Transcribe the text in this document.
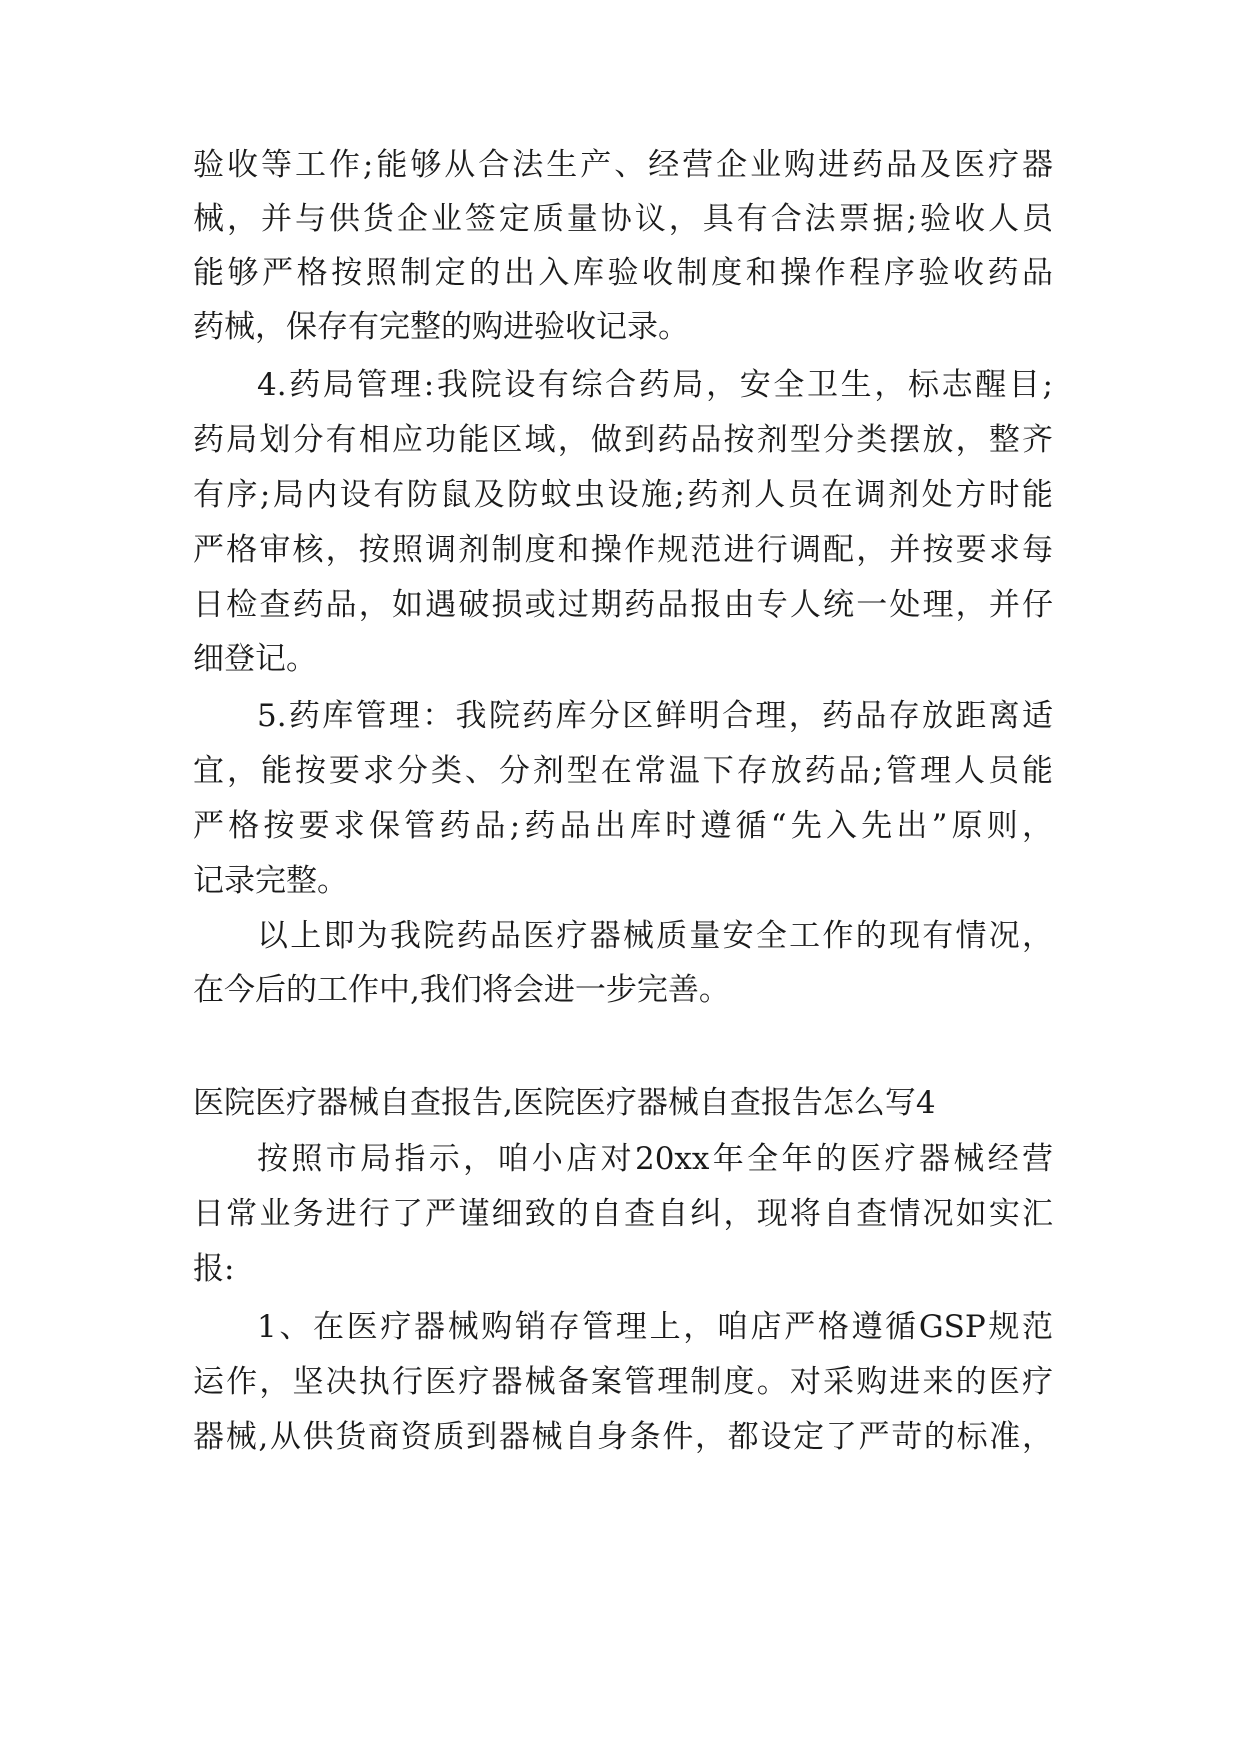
验收等工作;能够从合法生产、经营企业购进药品及医疗器
械，并与供货企业签定质量协议，具有合法票据;验收人员
能够严格按照制定的出入库验收制度和操作程序验收药品
药械，保存有完整的购进验收记录。
4.药局管理:我院设有综合药局，安全卫生，标志醒目;
药局划分有相应功能区域，做到药品按剂型分类摆放，整齐
有序;局内设有防鼠及防蚊虫设施;药剂人员在调剂处方时能
严格审核，按照调剂制度和操作规范进行调配，并按要求每
日检查药品，如遇破损或过期药品报由专人统一处理，并仔
细登记。
5.药库管理：我院药库分区鲜明合理，药品存放距离适
宜，能按要求分类、分剂型在常温下存放药品;管理人员能
严格按要求保管药品;药品出库时遵循“先入先出”原则，
记录完整。
以上即为我院药品医疗器械质量安全工作的现有情况，
在今后的工作中,我们将会进一步完善。
医院医疗器械自查报告,医院医疗器械自查报告怎么写4
按照市局指示，咱小店对20xx年全年的医疗器械经营
日常业务进行了严谨细致的自查自纠，现将自查情况如实汇
报:
1、在医疗器械购销存管理上，咱店严格遵循GSP规范
运作，坚决执行医疗器械备案管理制度。对采购进来的医疗
器械,从供货商资质到器械自身条件，都设定了严苛的标准，
